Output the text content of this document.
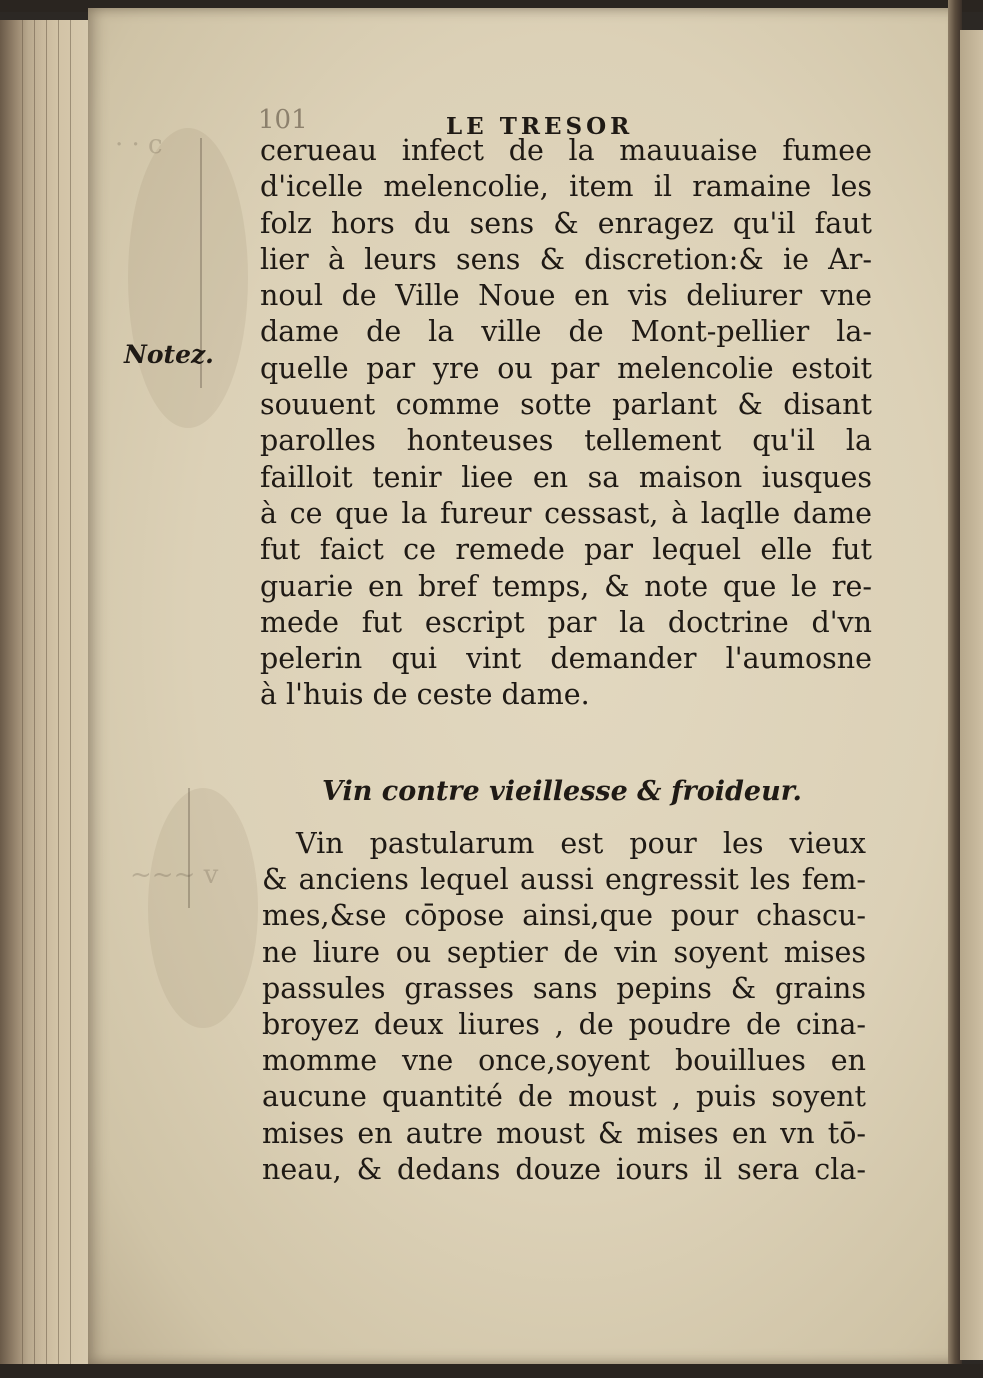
· · c
~~~ v
101	LE TRESOR
Notez.
cerueau infect de la mauuaise fumee
d'icelle melencolie, item il ramaine les
folz hors du sens & enragez qu'il faut
lier à leurs sens & discretion:& ie Ar-
noul de Ville Noue en vis deliurer vne
dame de la ville de Mont-pellier la-
quelle par yre ou par melencolie estoit
souuent comme sotte parlant & disant
parolles honteuses tellement qu'il la
failloit tenir liee en sa maison iusques
à ce que la fureur cessast, à laqlle dame
fut faict ce remede par lequel elle fut
guarie en bref temps, & note que le re-
mede fut escript par la doctrine d'vn
pelerin qui vint demander l'aumosne
à l'huis de ceste dame.
Vin contre vieillesse & froideur.
Vin pastularum est pour les vieux
& anciens lequel aussi engressit les fem-
mes,&se cōpose ainsi,que pour chascu-
ne liure ou septier de vin soyent mises
passules grasses sans pepins & grains
broyez deux liures , de poudre de cina-
momme vne once,soyent bouillues en
aucune quantité de moust , puis soyent
mises en autre moust & mises en vn tō-
neau, & dedans douze iours il sera cla-
